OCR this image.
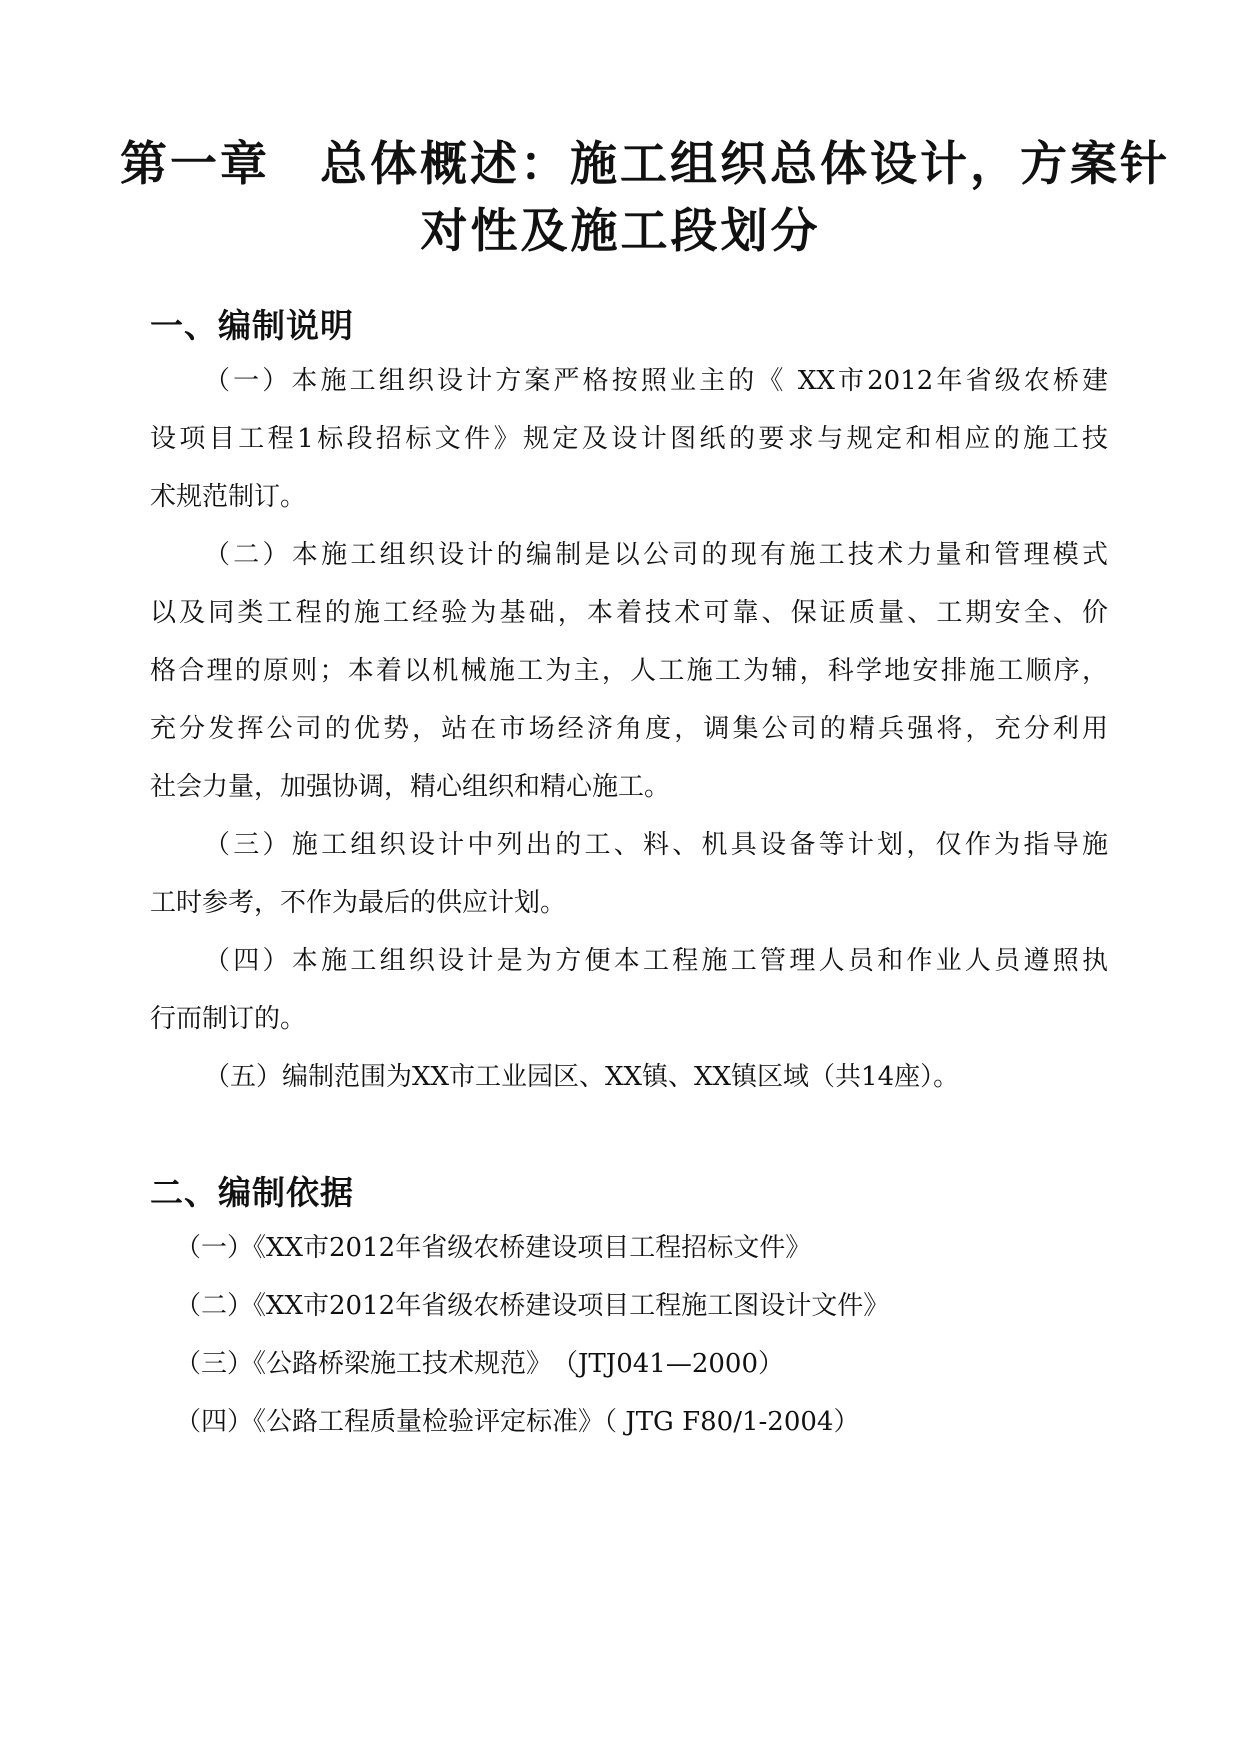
第一章　总体概述：施工组织总体设计，方案针
对性及施工段划分
一、编制说明

（一）本施工组织设计方案严格按照业主的《 XX市2012年省级农桥建

设项目工程1标段招标文件》规定及设计图纸的要求与规定和相应的施工技

术规范制订。

（二）本施工组织设计的编制是以公司的现有施工技术力量和管理模式

以及同类工程的施工经验为基础，本着技术可靠、保证质量、工期安全、价

格合理的原则；本着以机械施工为主，人工施工为辅，科学地安排施工顺序，

充分发挥公司的优势，站在市场经济角度，调集公司的精兵强将，充分利用

社会力量，加强协调，精心组织和精心施工。

（三）施工组织设计中列出的工、料、机具设备等计划，仅作为指导施

工时参考，不作为最后的供应计划。

（四）本施工组织设计是为方便本工程施工管理人员和作业人员遵照执

行而制订的。

（五）编制范围为XX市工业园区、XX镇、XX镇区域（共14座）。

二、编制依据

（一）《XX市2012年省级农桥建设项目工程招标文件》

（二）《XX市2012年省级农桥建设项目工程施工图设计文件》

（三）《公路桥梁施工技术规范》　（JTJ041—2000）

（四）《公路工程质量检验评定标准》（ JTG F80/1-2004）
